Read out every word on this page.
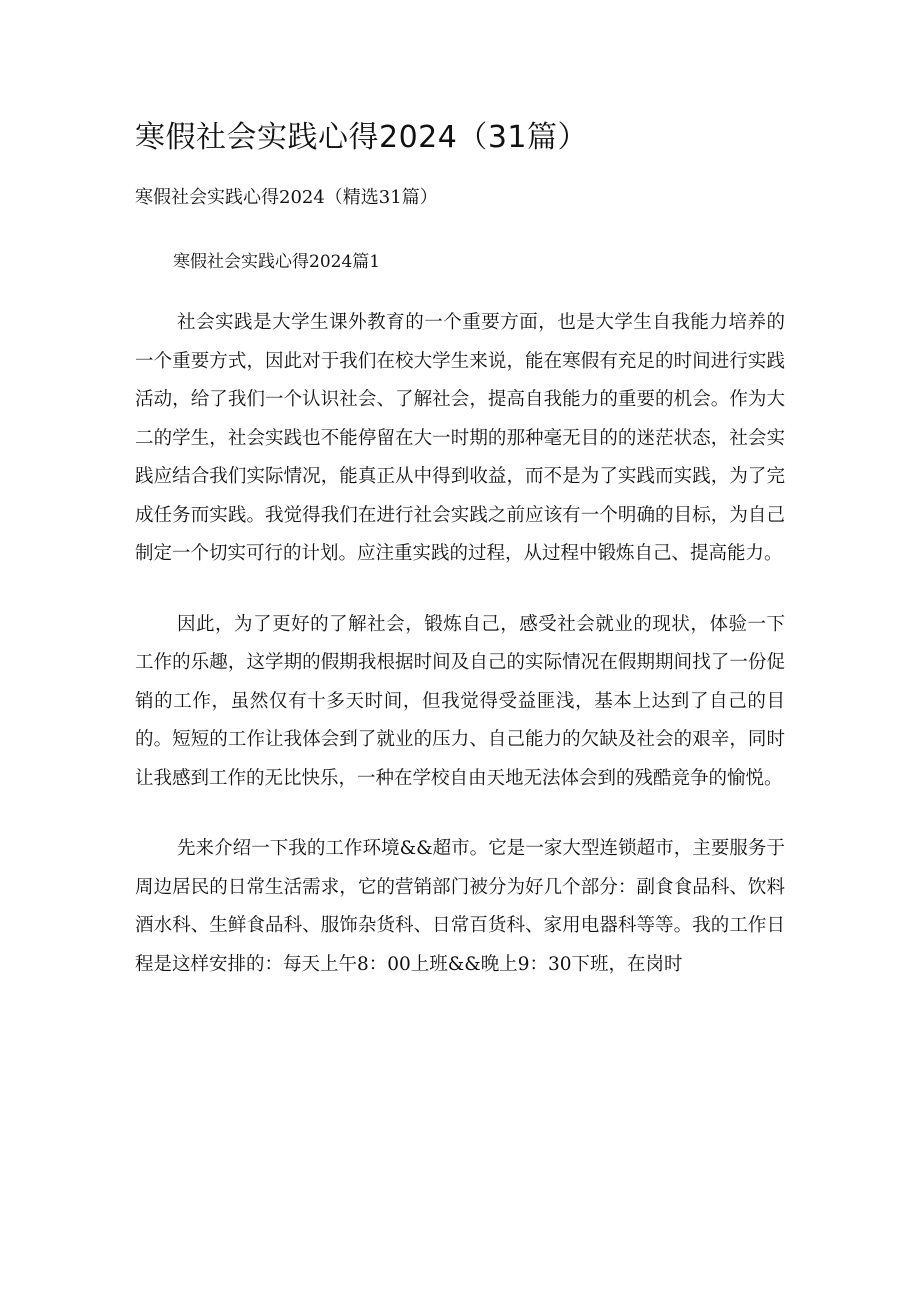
寒假社会实践心得2024（31篇）

寒假社会实践心得2024（精选31篇）

寒假社会实践心得2024篇1

社会实践是大学生课外教育的一个重要方面，也是大学生自我能力培养的一个重要方式，因此对于我们在校大学生来说，能在寒假有充足的时间进行实践活动，给了我们一个认识社会、了解社会，提高自我能力的重要的机会。作为大二的学生，社会实践也不能停留在大一时期的那种毫无目的的迷茫状态，社会实践应结合我们实际情况，能真正从中得到收益，而不是为了实践而实践，为了完成任务而实践。我觉得我们在进行社会实践之前应该有一个明确的目标，为自己制定一个切实可行的计划。应注重实践的过程，从过程中锻炼自己、提高能力。

因此，为了更好的了解社会，锻炼自己，感受社会就业的现状，体验一下工作的乐趣，这学期的假期我根据时间及自己的实际情况在假期期间找了一份促销的工作，虽然仅有十多天时间，但我觉得受益匪浅，基本上达到了自己的目的。短短的工作让我体会到了就业的压力、自己能力的欠缺及社会的艰辛，同时让我感到工作的无比快乐，一种在学校自由天地无法体会到的残酷竞争的愉悦。

先来介绍一下我的工作环境&&超市。它是一家大型连锁超市，主要服务于周边居民的日常生活需求，它的营销部门被分为好几个部分：副食食品科、饮料酒水科、生鲜食品科、服饰杂货科、日常百货科、家用电器科等等。我的工作日程是这样安排的：每天上午8：00上班&&晚上9：30下班，在岗时
